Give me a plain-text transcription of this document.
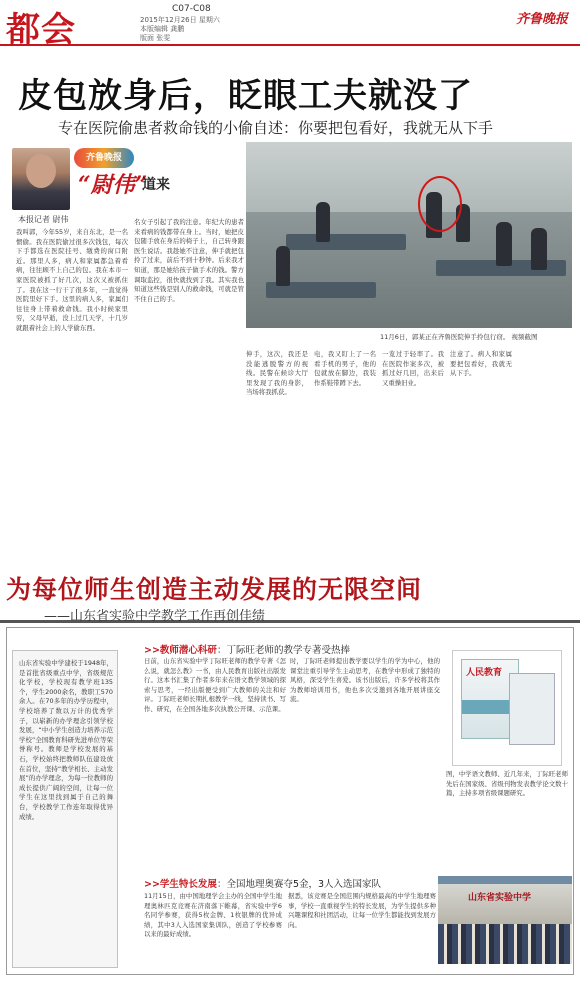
都会
C07-C08
2015年12月26日 星期六
本版编辑 龚鹏
版面 张雯
齐鲁晚报
皮包放身后，眨眼工夫就没了
专在医院偷患者救命钱的小偷自述：你要把包看好，我就无从下手
齐鲁晚报
“尉伟”
道来
本报记者 尉伟
我叫郭，今年55岁，来自东北，是一名惯偷。我在医院偷过很多次钱包，每次下手都选在医院挂号、缴费的窗口附近。那里人多，病人和家属都急着看病，往往顾不上自己的包。我在本市一家医院被抓了好几次，这次又被抓住了。我在这一行干了很多年，一直觉得医院里好下手。这里的病人多，家属们往往身上带着救命钱。我小时候家里穷，父母早逝，没上过几天学，十几岁就跟着社会上的人学偷东西。
名女子引起了我的注意。年纪大的患者来看病的钱都带在身上。当时，她把皮包随手放在身后的椅子上，自己转身跟医生说话。我趁她不注意，伸手就把包拎了过来，前后不到十秒钟。后来我才知道，那是她给孩子做手术的钱。警方调取监控，很快就找到了我。其实我也知道这些钱是别人的救命钱，可就是管不住自己的手。
11月6日，郭某正在齐鲁医院伸手拎包行窃。 视频截图
伸手，这次，我还是没能逃脱警方的视线。民警在候诊大厅里发现了我的身影，当场将我抓获。
电，我又盯上了一名看手机的男子，他的包就放在脚边，我装作系鞋带蹲下去。
一览过于轻率了。我在医院作案多次，被抓过好几回，出来后又重操旧业。
注意了。病人和家属要把包看好，我就无从下手。
为每位师生创造主动发展的无限空间
——山东省实验中学教学工作再创佳绩
山东省实验中学建校于1948年，是首批省级重点中学，省级规范化学校，学校现有教学班135个，学生2000余名，教职工570余人。在70多年的办学历程中，学校培养了数以万计的优秀学子，以崭新的办学理念引领学校发展，“中小学生创造力培养示范学校”全国教育科研先进单位等荣誉称号。教师是学校发展的基石，学校始终把教师队伍建设放在首位，坚持“教学相长、主动发展”的办学理念，为每一位教师的成长提供广阔的空间，让每一位学生在这里找到属于自己的舞台，学校教学工作连年取得优异成绩。
>>教师潜心科研：丁际旺老师的教学专著受热捧
日前，山东省实验中学丁际旺老师的教学专著《怎么说，就怎么教》一书，由人民教育出版社出版发行。这本书汇集了作者多年来在语文教学领域的探索与思考，一经出版便受到广大教师的关注和好评。丁际旺老师长期扎根教学一线，坚持读书、写作、研究，在全国各地多次执教公开课、示范课。
时，丁际旺老师提出教学要以学生的学为中心，他的课堂注重引导学生主动思考，在教学中形成了独特的风格，深受学生喜爱。该书出版后，许多学校将其作为教师培训用书，他也多次受邀到各地开展讲座交流。
人民教育
图，中学语文教师、近几年来，丁际旺老师先后在国家级、省级刊物发表教学论文数十篇，主持多项省级课题研究。
>>学生特长发展：全国地理奥赛夺5金，3人入选国家队
11月15日，由中国地理学会主办的全国中学生地理奥林匹克竞赛在济南落下帷幕，省实验中学6名同学参赛，获得5枚金牌、1枚银牌的优异成绩，其中3人入选国家集训队，创造了学校参赛以来的最好成绩。
据悉，该竞赛是全国范围内规格最高的中学生地理赛事，学校一直重视学生的特长发展，为学生提供多种兴趣课程和社团活动，让每一位学生都能找到发展方向。
山东省实验中学
